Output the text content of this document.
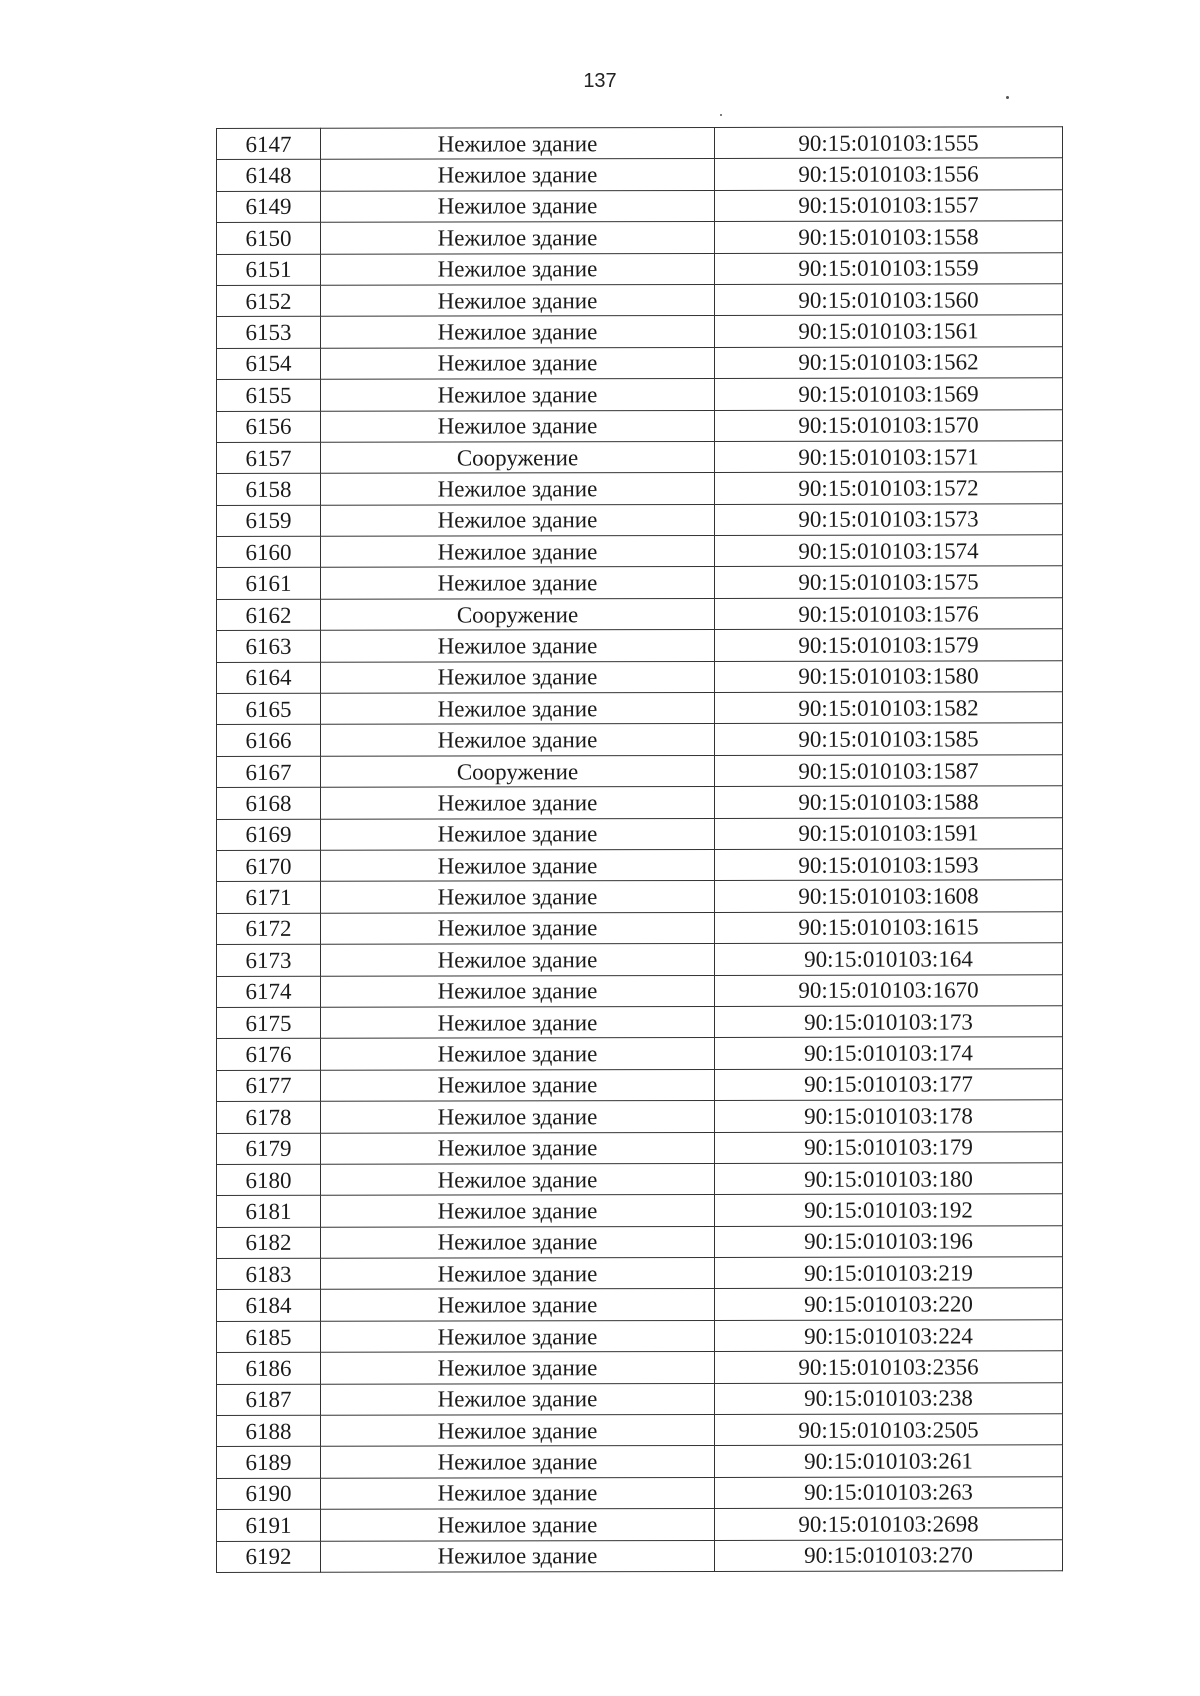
137
6147	Нежилое здание	90:15:010103:1555
6148	Нежилое здание	90:15:010103:1556
6149	Нежилое здание	90:15:010103:1557
6150	Нежилое здание	90:15:010103:1558
6151	Нежилое здание	90:15:010103:1559
6152	Нежилое здание	90:15:010103:1560
6153	Нежилое здание	90:15:010103:1561
6154	Нежилое здание	90:15:010103:1562
6155	Нежилое здание	90:15:010103:1569
6156	Нежилое здание	90:15:010103:1570
6157	Сооружение	90:15:010103:1571
6158	Нежилое здание	90:15:010103:1572
6159	Нежилое здание	90:15:010103:1573
6160	Нежилое здание	90:15:010103:1574
6161	Нежилое здание	90:15:010103:1575
6162	Сооружение	90:15:010103:1576
6163	Нежилое здание	90:15:010103:1579
6164	Нежилое здание	90:15:010103:1580
6165	Нежилое здание	90:15:010103:1582
6166	Нежилое здание	90:15:010103:1585
6167	Сооружение	90:15:010103:1587
6168	Нежилое здание	90:15:010103:1588
6169	Нежилое здание	90:15:010103:1591
6170	Нежилое здание	90:15:010103:1593
6171	Нежилое здание	90:15:010103:1608
6172	Нежилое здание	90:15:010103:1615
6173	Нежилое здание	90:15:010103:164
6174	Нежилое здание	90:15:010103:1670
6175	Нежилое здание	90:15:010103:173
6176	Нежилое здание	90:15:010103:174
6177	Нежилое здание	90:15:010103:177
6178	Нежилое здание	90:15:010103:178
6179	Нежилое здание	90:15:010103:179
6180	Нежилое здание	90:15:010103:180
6181	Нежилое здание	90:15:010103:192
6182	Нежилое здание	90:15:010103:196
6183	Нежилое здание	90:15:010103:219
6184	Нежилое здание	90:15:010103:220
6185	Нежилое здание	90:15:010103:224
6186	Нежилое здание	90:15:010103:2356
6187	Нежилое здание	90:15:010103:238
6188	Нежилое здание	90:15:010103:2505
6189	Нежилое здание	90:15:010103:261
6190	Нежилое здание	90:15:010103:263
6191	Нежилое здание	90:15:010103:2698
6192	Нежилое здание	90:15:010103:270
